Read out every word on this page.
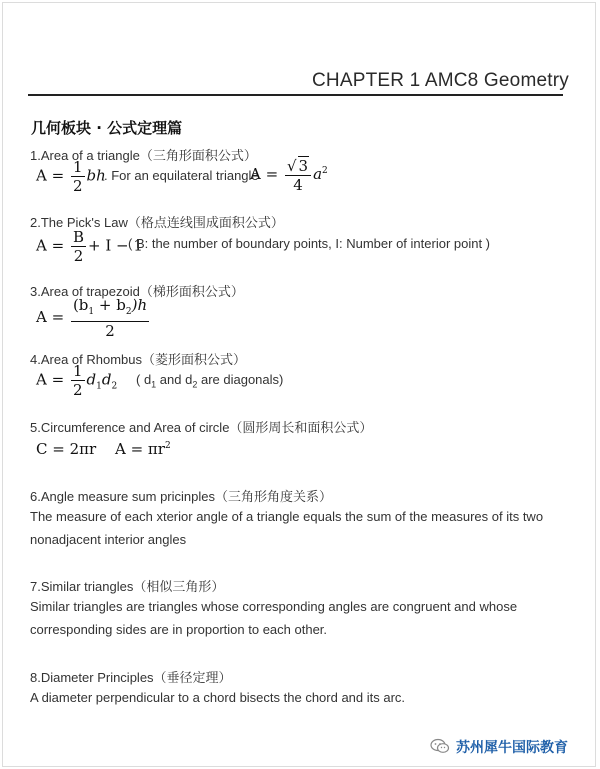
CHAPTER 1 AMC8 Geometry
几何板块 · 公式定理篇
1.Area of a triangle（三角形面积公式）
$A = \frac{1}{2}$ bh
. For an equilateral triangle
$A = \frac{√ 3}{4} a^2$
2.The Pick's Law（格点连线围成面积公式）
$A = \frac{B}{2} + I - 1$
( B: the number of boundary points, I: Number of interior point )
3.Area of trapezoid（梯形面积公式）
$A = \frac{(b_1 + b_2)h}{2}$
4.Area of Rhombus（菱形面积公式）
$A = \frac{1}{2} d_1d_2$ ( $d_1$ and $d_2$ are diagonals)
5.Circumference and Area of circle（圆形周长和面积公式）
C = 2πr $A = \pi r^2$
6.Angle measure sum pricinples（三角形角度关系）
The measure of each xterior angle of a triangle equals the sum of the measures of its two nonadjacent interior angles
7.Similar triangles（相似三角形）
Similar triangles are triangles whose corresponding angles are congruent and whose corresponding sides are in proportion to each other.
8.Diameter Principles（垂径定理）
A diameter perpendicular to a chord bisects the chord and its arc.
苏州犀牛国际教育
